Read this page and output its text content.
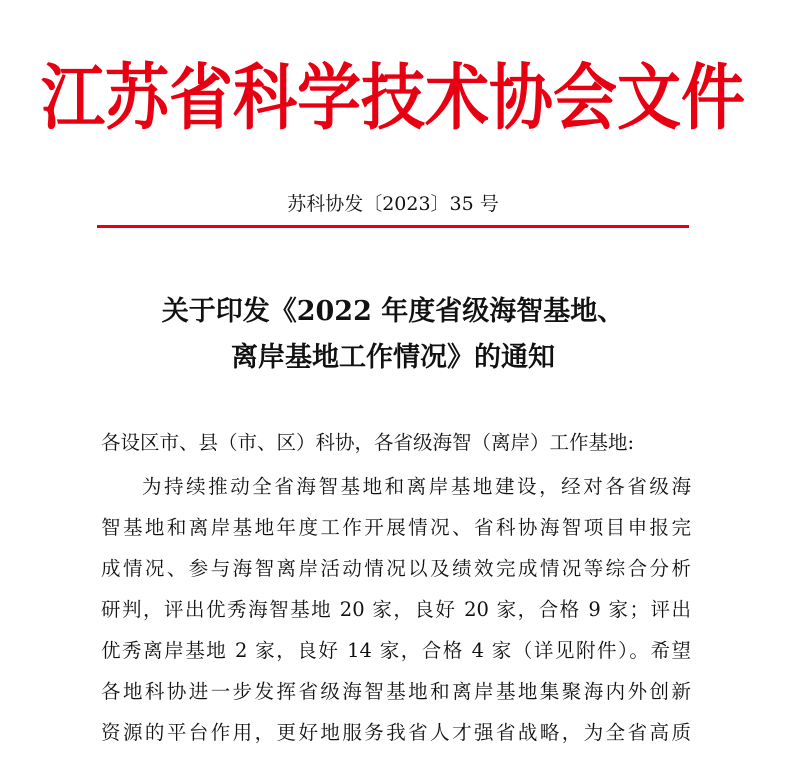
江苏省科学技术协会文件
苏科协发〔2023〕35 号
关于印发《2022 年度省级海智基地、
离岸基地工作情况》的通知
各设区市、县（市、区）科协，各省级海智（离岸）工作基地:
为持续推动全省海智基地和离岸基地建设，经对各省级海
智基地和离岸基地年度工作开展情况、省科协海智项目申报完
成情况、参与海智离岸活动情况以及绩效完成情况等综合分析
研判，评出优秀海智基地 20 家，良好 20 家，合格 9 家；评出
优秀离岸基地 2 家，良好 14 家，合格 4 家（详见附件）。希望
各地科协进一步发挥省级海智基地和离岸基地集聚海内外创新
资源的平台作用，更好地服务我省人才强省战略，为全省高质
